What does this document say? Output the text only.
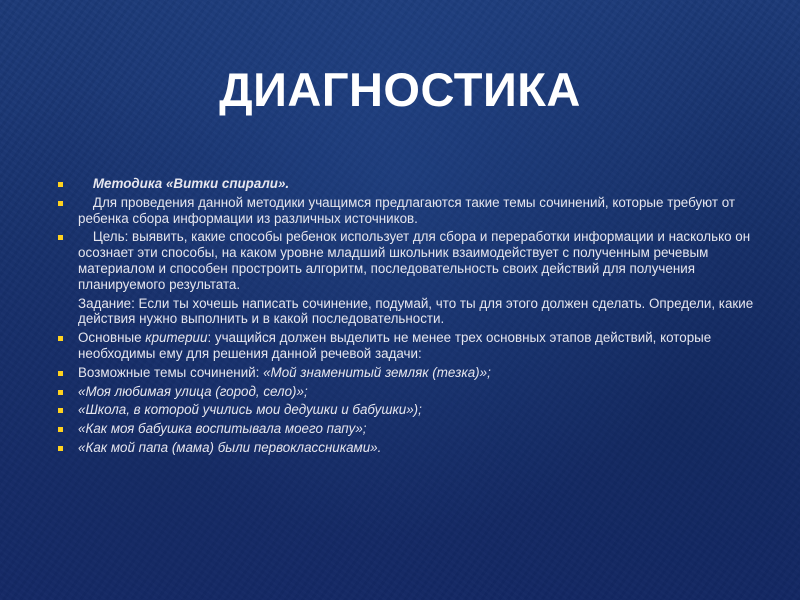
ДИАГНОСТИКА
Методика «Витки спирали».
Для проведения данной методики учащимся предлагаются такие темы сочинений, которые требуют от ребенка сбора информации из различных источников.
Цель: выявить, какие способы ребенок использует для сбора и переработки информации и насколько он осознает эти способы, на каком уровне младший школьник взаимодействует с полученным речевым материалом и способен простроить алгоритм, последовательность своих действий для получения планируемого результата.
Задание: Если ты хочешь написать сочинение, подумай, что ты для этого должен сделать. Определи, какие действия нужно выполнить и в какой последовательности.
Основные критерии: учащийся должен выделить не менее трех основных этапов действий, которые необходимы ему для решения данной речевой задачи:
Возможные темы сочинений: «Мой знаменитый земляк (тезка)»;
«Моя любимая улица (город, село)»;
«Школа, в которой учились мои дедушки и бабушки»);
«Как моя бабушка воспитывала моего папу»;
«Как мой папа (мама) были первоклассниками».
